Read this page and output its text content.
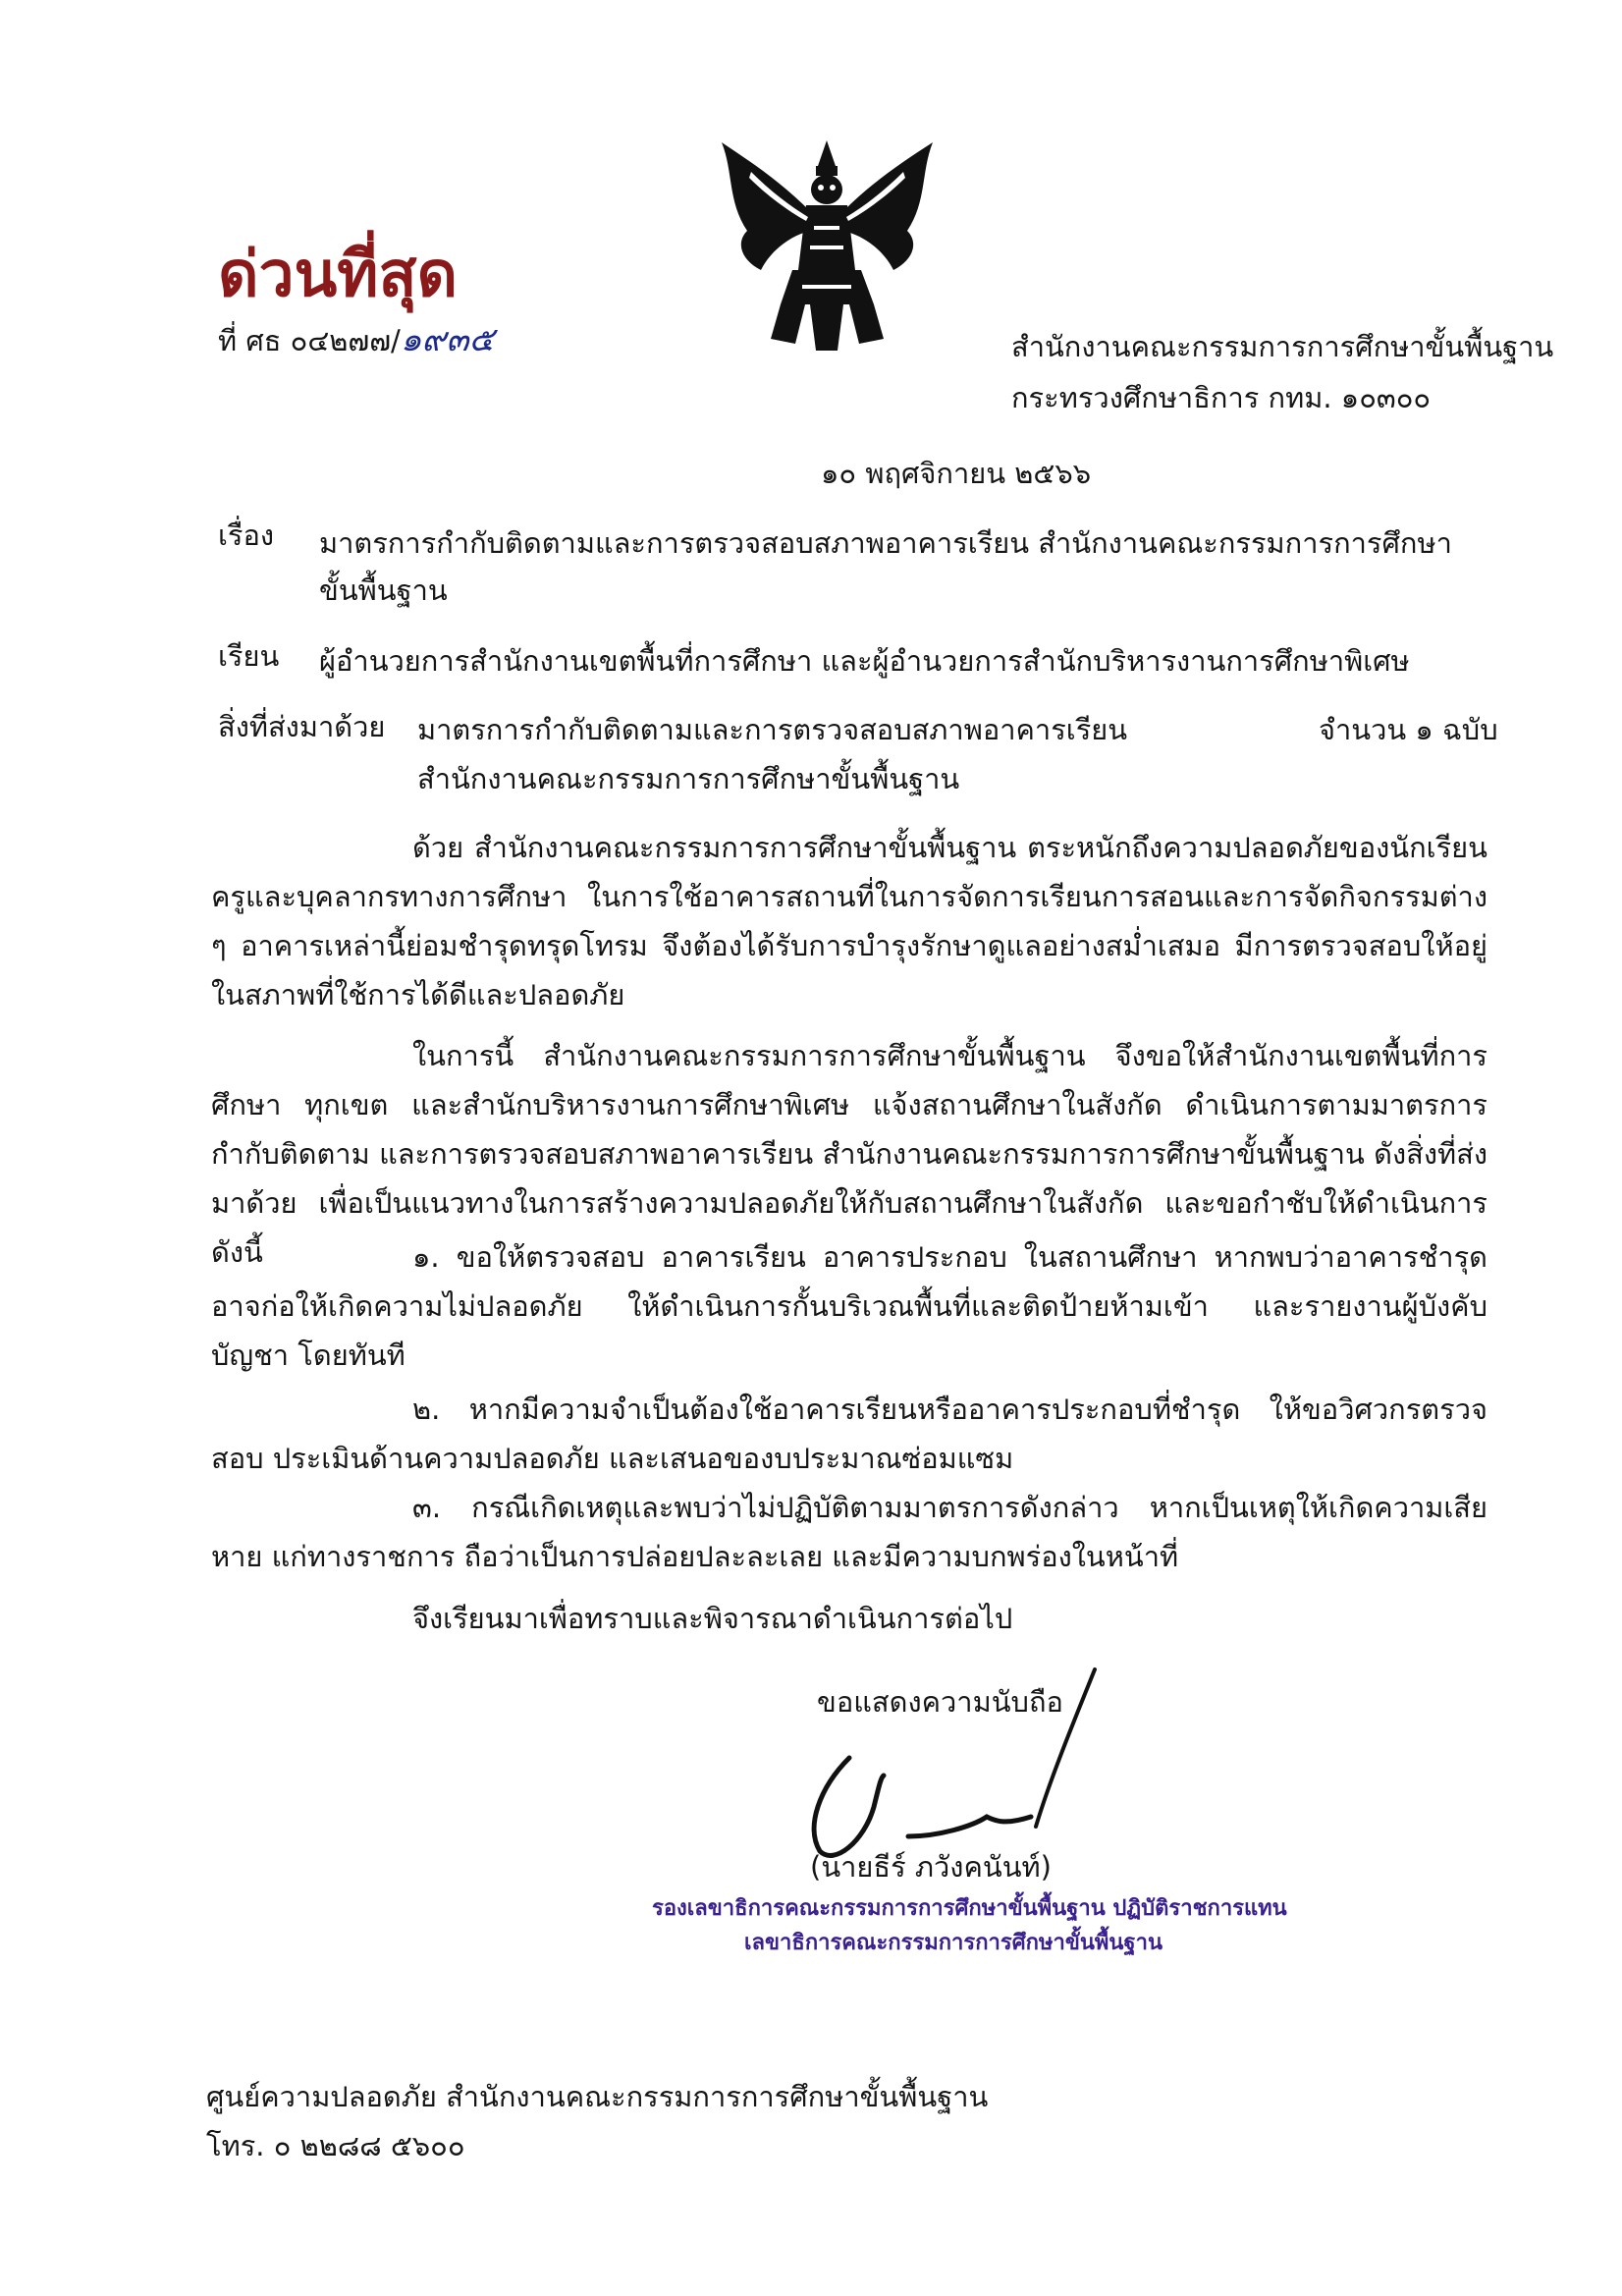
ด่วนที่สุด
ที่ ศธ ๐๔๒๗๗/๑๙๓๕	สำนักงานคณะกรรมการการศึกษาขั้นพื้นฐาน
กระทรวงศึกษาธิการ กทม. ๑๐๓๐๐
๑๐ พฤศจิกายน ๒๕๖๖
เรื่อง มาตรการกำกับติดตามและการตรวจสอบสภาพอาคารเรียน สำนักงานคณะกรรมการการศึกษา
ขั้นพื้นฐาน
เรียน ผู้อำนวยการสำนักงานเขตพื้นที่การศึกษา และผู้อำนวยการสำนักบริหารงานการศึกษาพิเศษ
สิ่งที่ส่งมาด้วย มาตรการกำกับติดตามและการตรวจสอบสภาพอาคารเรียน	จำนวน ๑ ฉบับ
สำนักงานคณะกรรมการการศึกษาขั้นพื้นฐาน
ด้วย สำนักงานคณะกรรมการการศึกษาขั้นพื้นฐาน ตระหนักถึงความปลอดภัยของนักเรียน ครูและบุคลากรทางการศึกษา ในการใช้อาคารสถานที่ในการจัดการเรียนการสอนและการจัดกิจกรรมต่าง ๆ อาคารเหล่านี้ย่อมชำรุดทรุดโทรม จึงต้องได้รับการบำรุงรักษาดูแลอย่างสม่ำเสมอ มีการตรวจสอบให้อยู่ในสภาพที่ใช้การได้ดีและปลอดภัย
ในการนี้ สำนักงานคณะกรรมการการศึกษาขั้นพื้นฐาน จึงขอให้สำนักงานเขตพื้นที่การศึกษา ทุกเขต และสำนักบริหารงานการศึกษาพิเศษ แจ้งสถานศึกษาในสังกัด ดำเนินการตามมาตรการกำกับติดตาม และการตรวจสอบสภาพอาคารเรียน สำนักงานคณะกรรมการการศึกษาขั้นพื้นฐาน ดังสิ่งที่ส่งมาด้วย เพื่อเป็นแนวทางในการสร้างความปลอดภัยให้กับสถานศึกษาในสังกัด และขอกำชับให้ดำเนินการดังนี้	๑. ขอให้ตรวจสอบ อาคารเรียน อาคารประกอบ ในสถานศึกษา หากพบว่าอาคารชำรุด อาจก่อให้เกิดความไม่ปลอดภัย ให้ดำเนินการกั้นบริเวณพื้นที่และติดป้ายห้ามเข้า และรายงานผู้บังคับบัญชา โดยทันที
๒. หากมีความจำเป็นต้องใช้อาคารเรียนหรืออาคารประกอบที่ชำรุด ให้ขอวิศวกรตรวจสอบ ประเมินด้านความปลอดภัย และเสนอของบประมาณซ่อมแซม
๓. กรณีเกิดเหตุและพบว่าไม่ปฏิบัติตามมาตรการดังกล่าว หากเป็นเหตุให้เกิดความเสียหาย แก่ทางราชการ ถือว่าเป็นการปล่อยปละละเลย และมีความบกพร่องในหน้าที่
จึงเรียนมาเพื่อทราบและพิจารณาดำเนินการต่อไป
ขอแสดงความนับถือ
(นายธีร์ ภวังคนันท์)
รองเลขาธิการคณะกรรมการการศึกษาขั้นพื้นฐาน ปฏิบัติราชการแทน
เลขาธิการคณะกรรมการการศึกษาขั้นพื้นฐาน
ศูนย์ความปลอดภัย สำนักงานคณะกรรมการการศึกษาขั้นพื้นฐาน
โทร. ๐ ๒๒๘๘ ๕๖๐๐
